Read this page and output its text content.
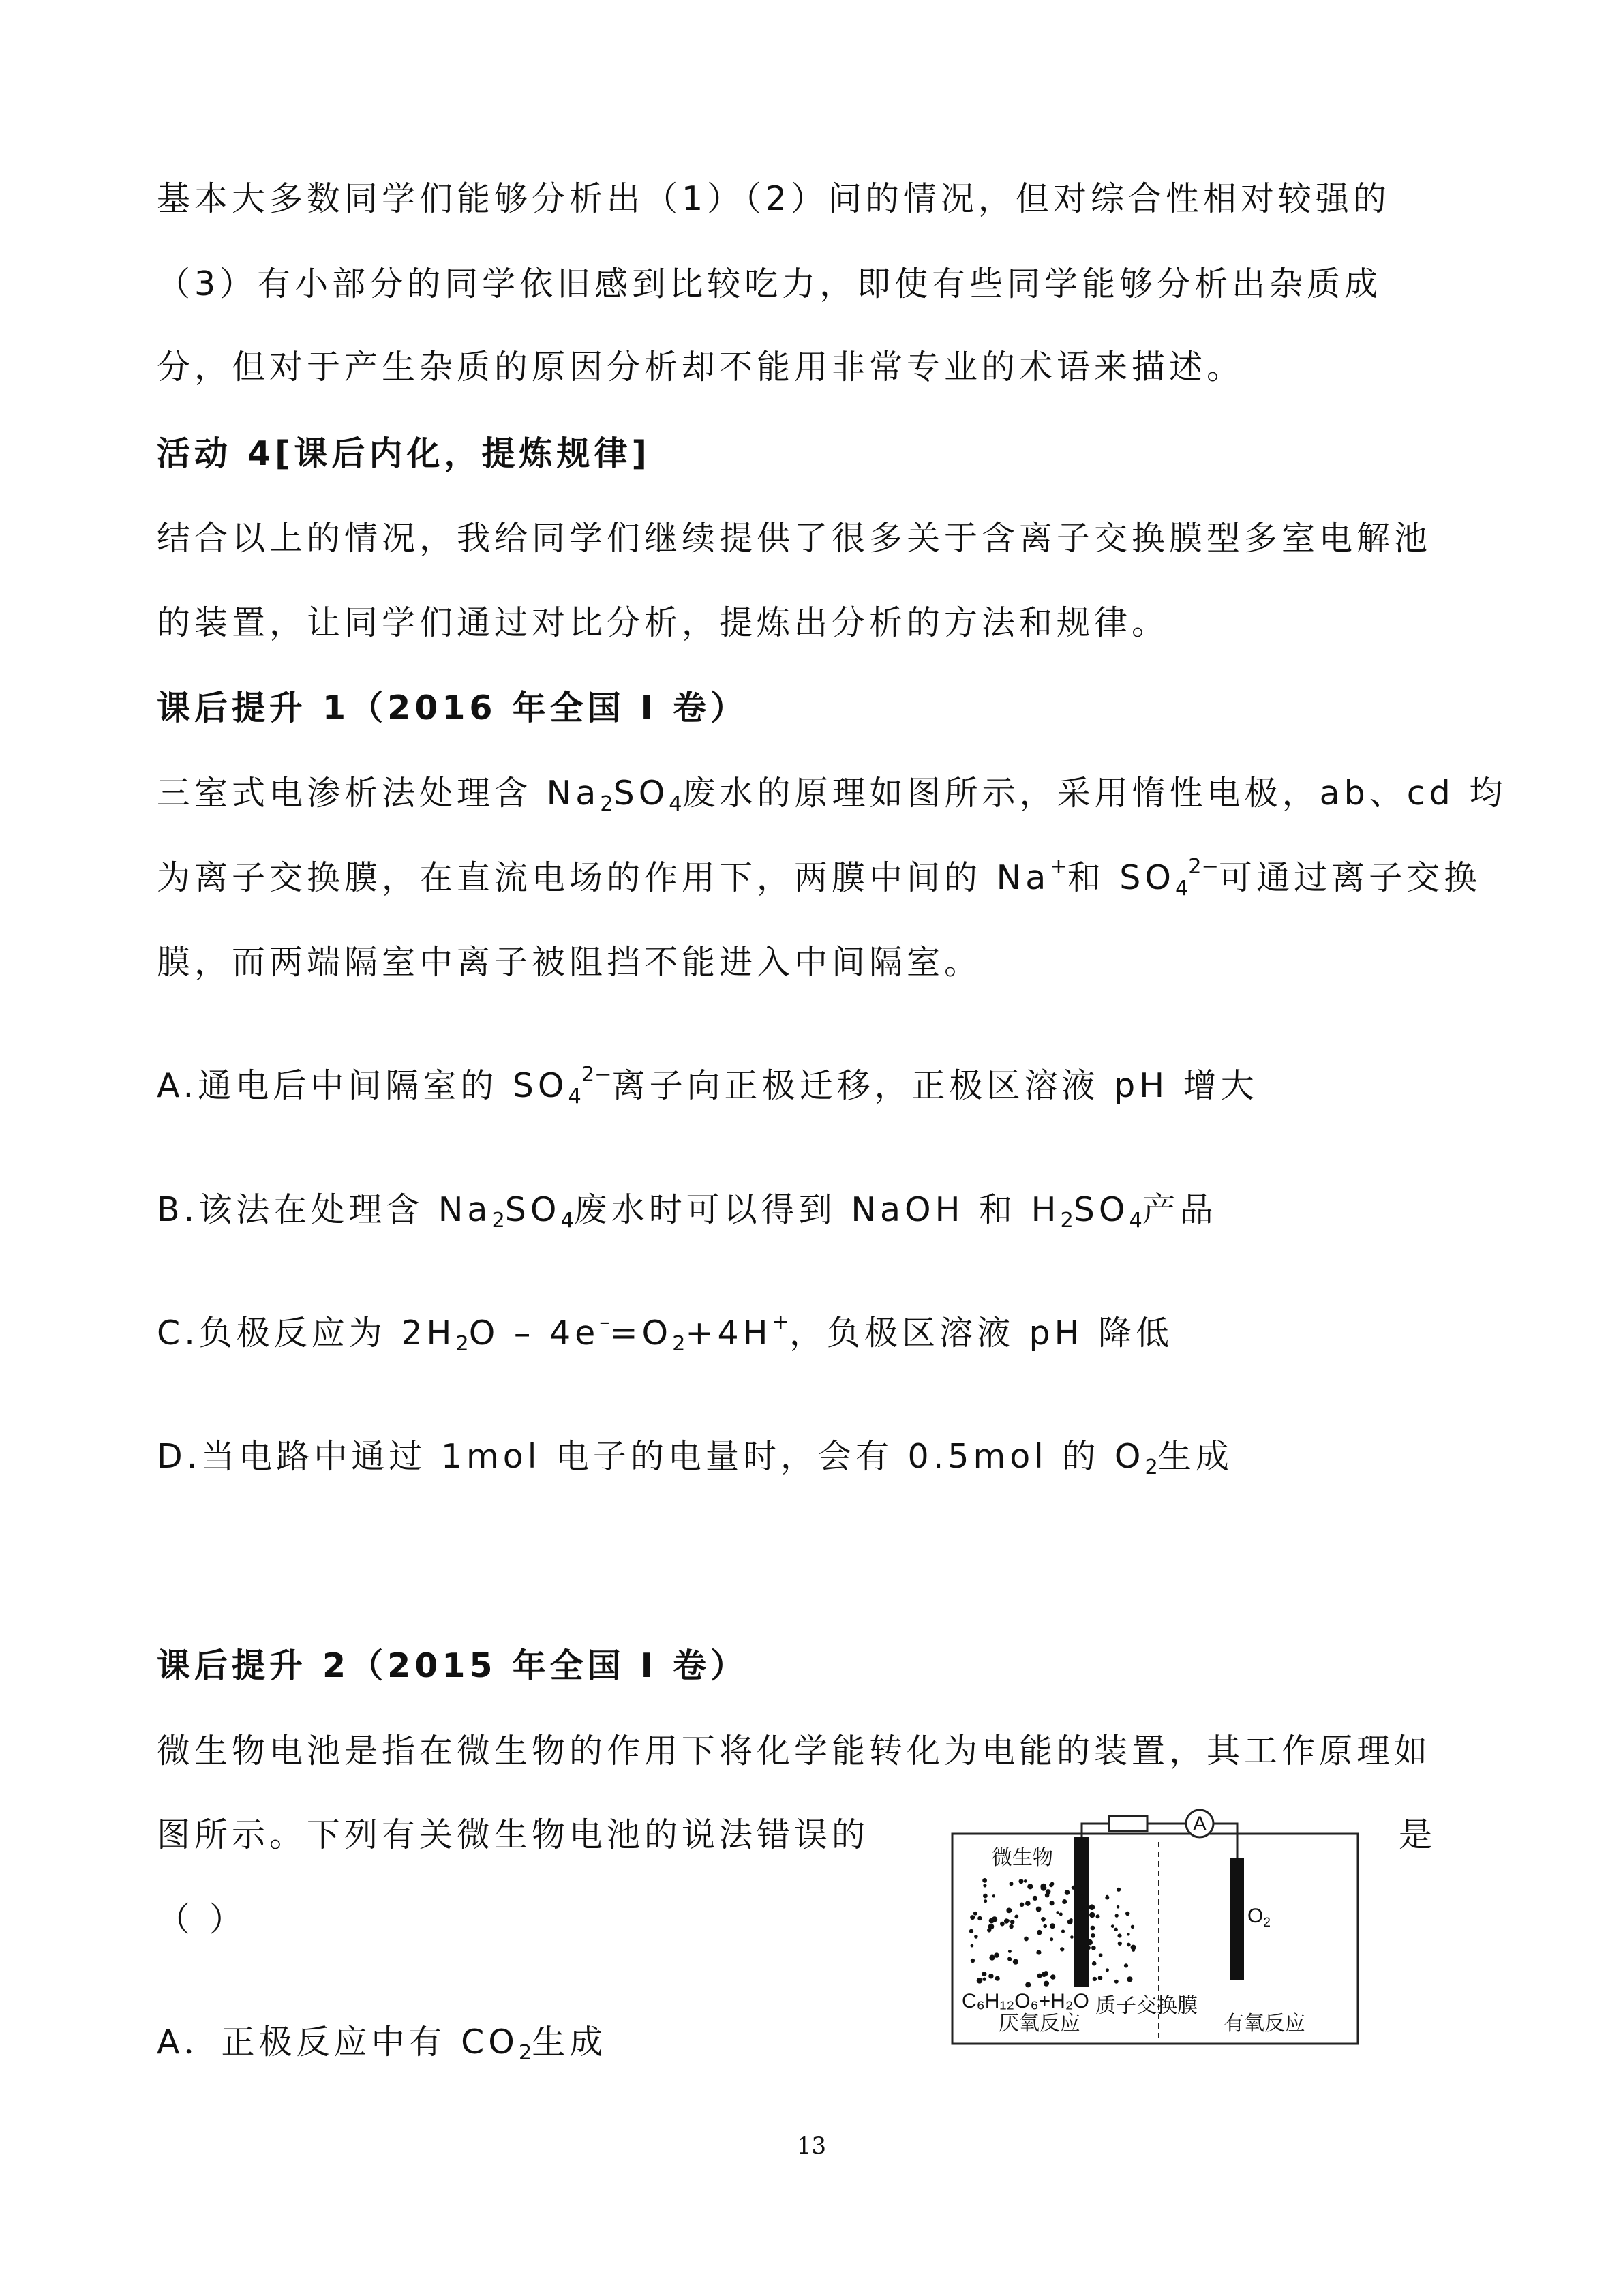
基本大多数同学们能够分析出（1）（2）问的情况，但对综合性相对较强的
（3）有小部分的同学依旧感到比较吃力，即使有些同学能够分析出杂质成
分，但对于产生杂质的原因分析却不能用非常专业的术语来描述。
活动 4[课后内化，提炼规律]
结合以上的情况，我给同学们继续提供了很多关于含离子交换膜型多室电解池
的装置，让同学们通过对比分析，提炼出分析的方法和规律。
课后提升 1（2016 年全国 I 卷）
三室式电渗析法处理含 $Na_2SO_4$废水的原理如图所示，采用惰性电极，ab、cd 均
为离子交换膜，在直流电场的作用下，两膜中间的 Na+和 $SO_4^{2-}$可通过离子交换
膜，而两端隔室中离子被阻挡不能进入中间隔室。
A.通电后中间隔室的 $SO_4^{2-}$离子向正极迁移，正极区溶液 pH 增大
B.该法在处理含 $Na_2SO_4$废水时可以得到 NaOH 和 $H_2SO_4$产品
C.负极反应为 $2H_2O - 4e^-=O_2+4H^+$，负极区溶液 pH 降低
D.当电路中通过 1mol 电子的电量时，会有 0.5mol 的 $O_2$生成
课后提升 2（2015 年全国 I 卷）
微生物电池是指在微生物的作用下将化学能转化为电能的装置，其工作原理如
图所示。下列有关微生物电池的说法错误的	是
（ ）
A．正极反应中有 $CO_2$生成
A
微生物
$O_2$
C₆H₁₂O₆+H₂O
厌氧反应
质子交换膜
有氧反应
13
